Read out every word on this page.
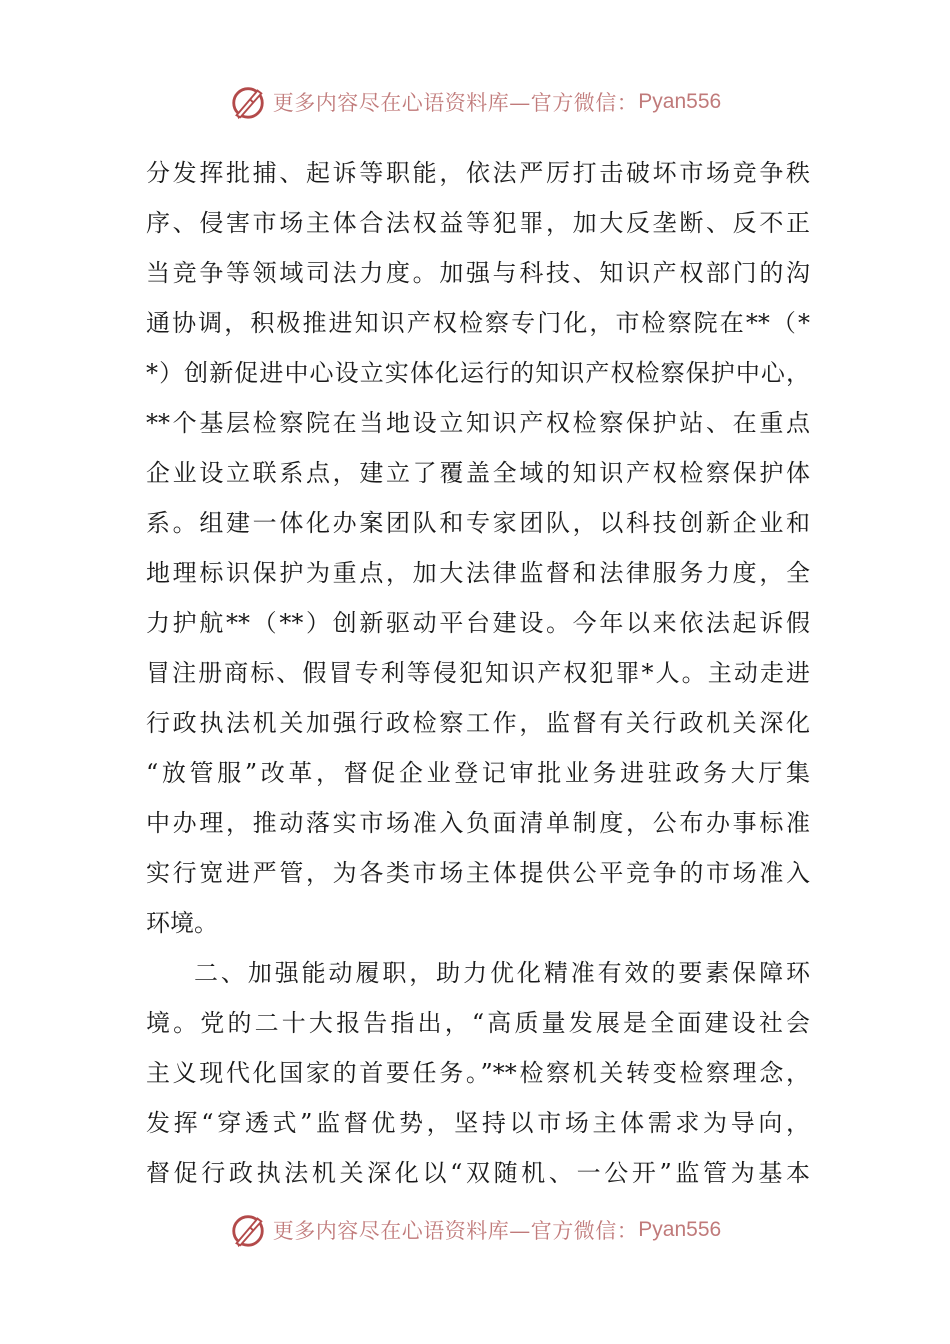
更多内容尽在心语资料库—官方微信： Pyan556
分发挥批捕、起诉等职能，依法严厉打击破坏市场竞争秩
序、侵害市场主体合法权益等犯罪，加大反垄断、反不正
当竞争等领域司法力度。加强与科技、知识产权部门的沟
通协调，积极推进知识产权检察专门化，市检察院在**（*
*）创新促进中心设立实体化运行的知识产权检察保护中心，
**个基层检察院在当地设立知识产权检察保护站、在重点
企业设立联系点，建立了覆盖全域的知识产权检察保护体
系。组建一体化办案团队和专家团队，以科技创新企业和
地理标识保护为重点，加大法律监督和法律服务力度，全
力护航**（**）创新驱动平台建设。今年以来依法起诉假
冒注册商标、假冒专利等侵犯知识产权犯罪*人。主动走进
行政执法机关加强行政检察工作，监督有关行政机关深化
“放管服”改革，督促企业登记审批业务进驻政务大厅集
中办理，推动落实市场准入负面清单制度，公布办事标准
实行宽进严管，为各类市场主体提供公平竞争的市场准入
环境。
二、加强能动履职，助力优化精准有效的要素保障环
境。党的二十大报告指出，“高质量发展是全面建设社会
主义现代化国家的首要任务。”**检察机关转变检察理念，
发挥“穿透式”监督优势，坚持以市场主体需求为导向，
督促行政执法机关深化以“双随机、一公开”监管为基本
更多内容尽在心语资料库—官方微信： Pyan556
